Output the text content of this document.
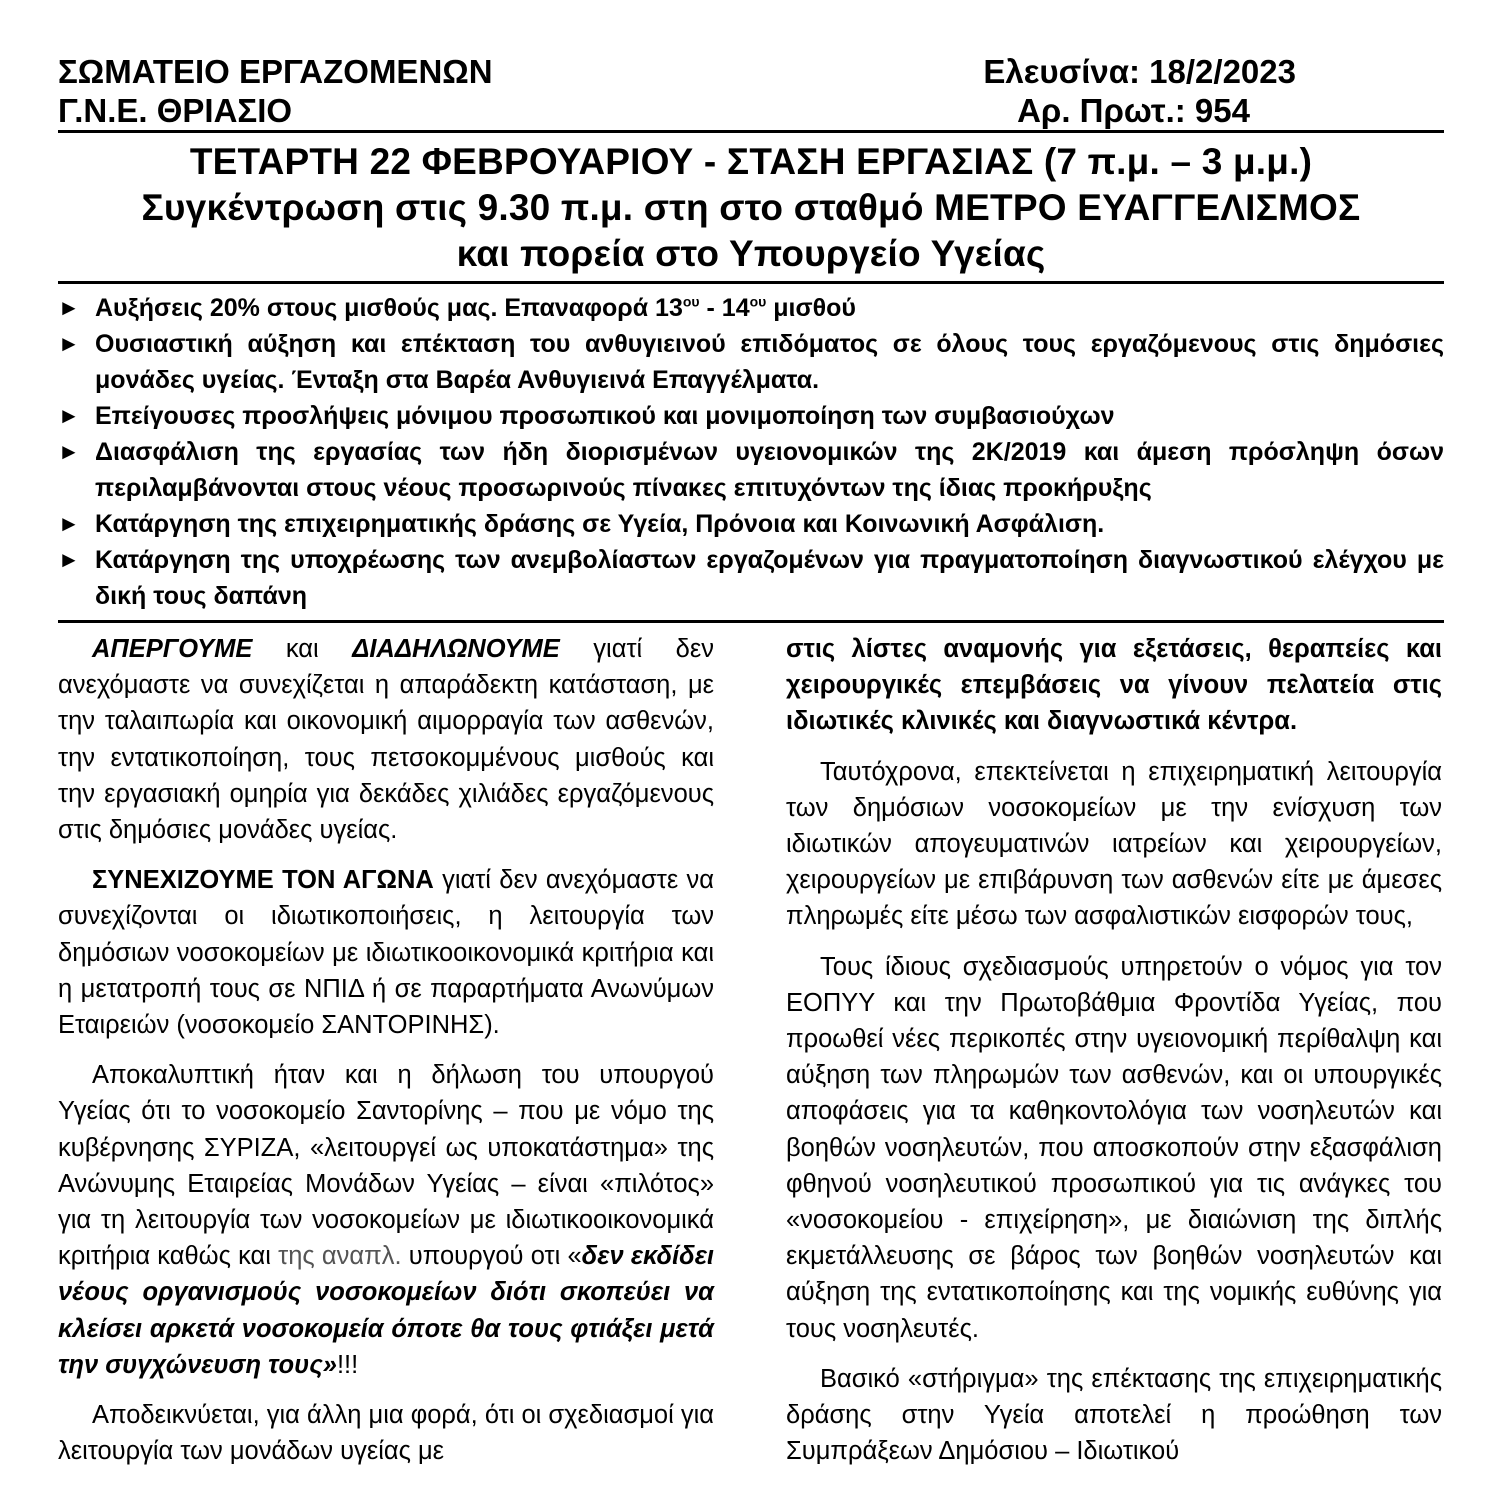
ΣΩΜΑΤΕΙΟ ΕΡΓΑΖΟΜΕΝΩΝ
Γ.Ν.Ε. ΘΡΙΑΣΙΟ
Ελευσίνα: 18/2/2023
Αρ. Πρωτ.: 954
ΤΕΤΑΡΤΗ 22 ΦΕΒΡΟΥΑΡΙΟΥ - ΣΤΑΣΗ ΕΡΓΑΣΙΑΣ (7 π.μ. – 3 μ.μ.)
Συγκέντρωση στις 9.30 π.μ. στη στο σταθμό ΜΕΤΡΟ ΕΥΑΓΓΕΛΙΣΜΟΣ
και πορεία στο Υπουργείο Υγείας
► Αυξήσεις 20% στους μισθούς μας. Επαναφορά $13^{o\upsilon} - 14^{o\upsilon}$ μισθού
► Ουσιαστική αύξηση και επέκταση του ανθυγιεινού επιδόματος σε όλους τους εργαζόμενους στις δημόσιες μονάδες υγείας. Ένταξη στα Βαρέα Ανθυγιεινά Επαγγέλματα.
► Επείγουσες προσλήψεις μόνιμου προσωπικού και μονιμοποίηση των συμβασιούχων
► Διασφάλιση της εργασίας των ήδη διορισμένων υγειονομικών της 2Κ/2019 και άμεση πρόσληψη όσων περιλαμβάνονται στους νέους προσωρινούς πίνακες επιτυχόντων της ίδιας προκήρυξης
► Κατάργηση της επιχειρηματικής δράσης σε Υγεία, Πρόνοια και Κοινωνική Ασφάλιση.
► Κατάργηση της υποχρέωσης των ανεμβολίαστων εργαζομένων για πραγματοποίηση διαγνωστικού ελέγχου με δική τους δαπάνη

ΑΠΕΡΓΟΥΜΕ και ΔΙΑΔΗΛΩΝΟΥΜΕ γιατί δεν ανεχόμαστε να συνεχίζεται η απαράδεκτη κατάσταση, με την ταλαιπωρία και οικονομική αιμορραγία των ασθενών, την εντατικοποίηση, τους πετσοκομμένους μισθούς και την εργασιακή ομηρία για δεκάδες χιλιάδες εργαζόμενους στις δημόσιες μονάδες υγείας.

ΣΥΝΕΧΙΖΟΥΜΕ ΤΟΝ ΑΓΩΝΑ γιατί δεν ανεχόμαστε να συνεχίζονται οι ιδιωτικοποιήσεις, η λειτουργία των δημόσιων νοσοκομείων με ιδιωτικοοικονομικά κριτήρια και η μετατροπή τους σε ΝΠΙΔ ή σε παραρτήματα Ανωνύμων Εταιρειών (νοσοκομείο ΣΑΝΤΟΡΙΝΗΣ).

Αποκαλυπτική ήταν και η δήλωση του υπουργού Υγείας ότι το νοσοκομείο Σαντορίνης – που με νόμο της κυβέρνησης ΣΥΡΙΖΑ, «λειτουργεί ως υποκατάστημα» της Ανώνυμης Εταιρείας Μονάδων Υγείας – είναι «πιλότος» για τη λειτουργία των νοσοκομείων με ιδιωτικοοικονομικά κριτήρια καθώς και της αναπλ. υπουργού οτι «δεν εκδίδει νέους οργανισμούς νοσοκομείων διότι σκοπεύει να κλείσει αρκετά νοσοκομεία όποτε θα τους φτιάξει μετά την συγχώνευση τους»!!!

Αποδεικνύεται, για άλλη μια φορά, ότι οι σχεδιασμοί για λειτουργία των μονάδων υγείας με

στις λίστες αναμονής για εξετάσεις, θεραπείες και χειρουργικές επεμβάσεις να γίνουν πελατεία στις ιδιωτικές κλινικές και διαγνωστικά κέντρα.

Ταυτόχρονα, επεκτείνεται η επιχειρηματική λειτουργία των δημόσιων νοσοκομείων με την ενίσχυση των ιδιωτικών απογευματινών ιατρείων και χειρουργείων, χειρουργείων με επιβάρυνση των ασθενών είτε με άμεσες πληρωμές είτε μέσω των ασφαλιστικών εισφορών τους,

Τους ίδιους σχεδιασμούς υπηρετούν ο νόμος για τον ΕΟΠΥΥ και την Πρωτοβάθμια Φροντίδα Υγείας, που προωθεί νέες περικοπές στην υγειονομική περίθαλψη και αύξηση των πληρωμών των ασθενών, και οι υπουργικές αποφάσεις για τα καθηκοντολόγια των νοσηλευτών και βοηθών νοσηλευτών, που αποσκοπούν στην εξασφάλιση φθηνού νοσηλευτικού προσωπικού για τις ανάγκες του «νοσοκομείου - επιχείρηση», με διαιώνιση της διπλής εκμετάλλευσης σε βάρος των βοηθών νοσηλευτών και αύξηση της εντατικοποίησης και της νομικής ευθύνης για τους νοσηλευτές.

Βασικό «στήριγμα» της επέκτασης της επιχειρηματικής δράσης στην Υγεία αποτελεί η προώθηση των Συμπράξεων Δημόσιου – Ιδιωτικού
